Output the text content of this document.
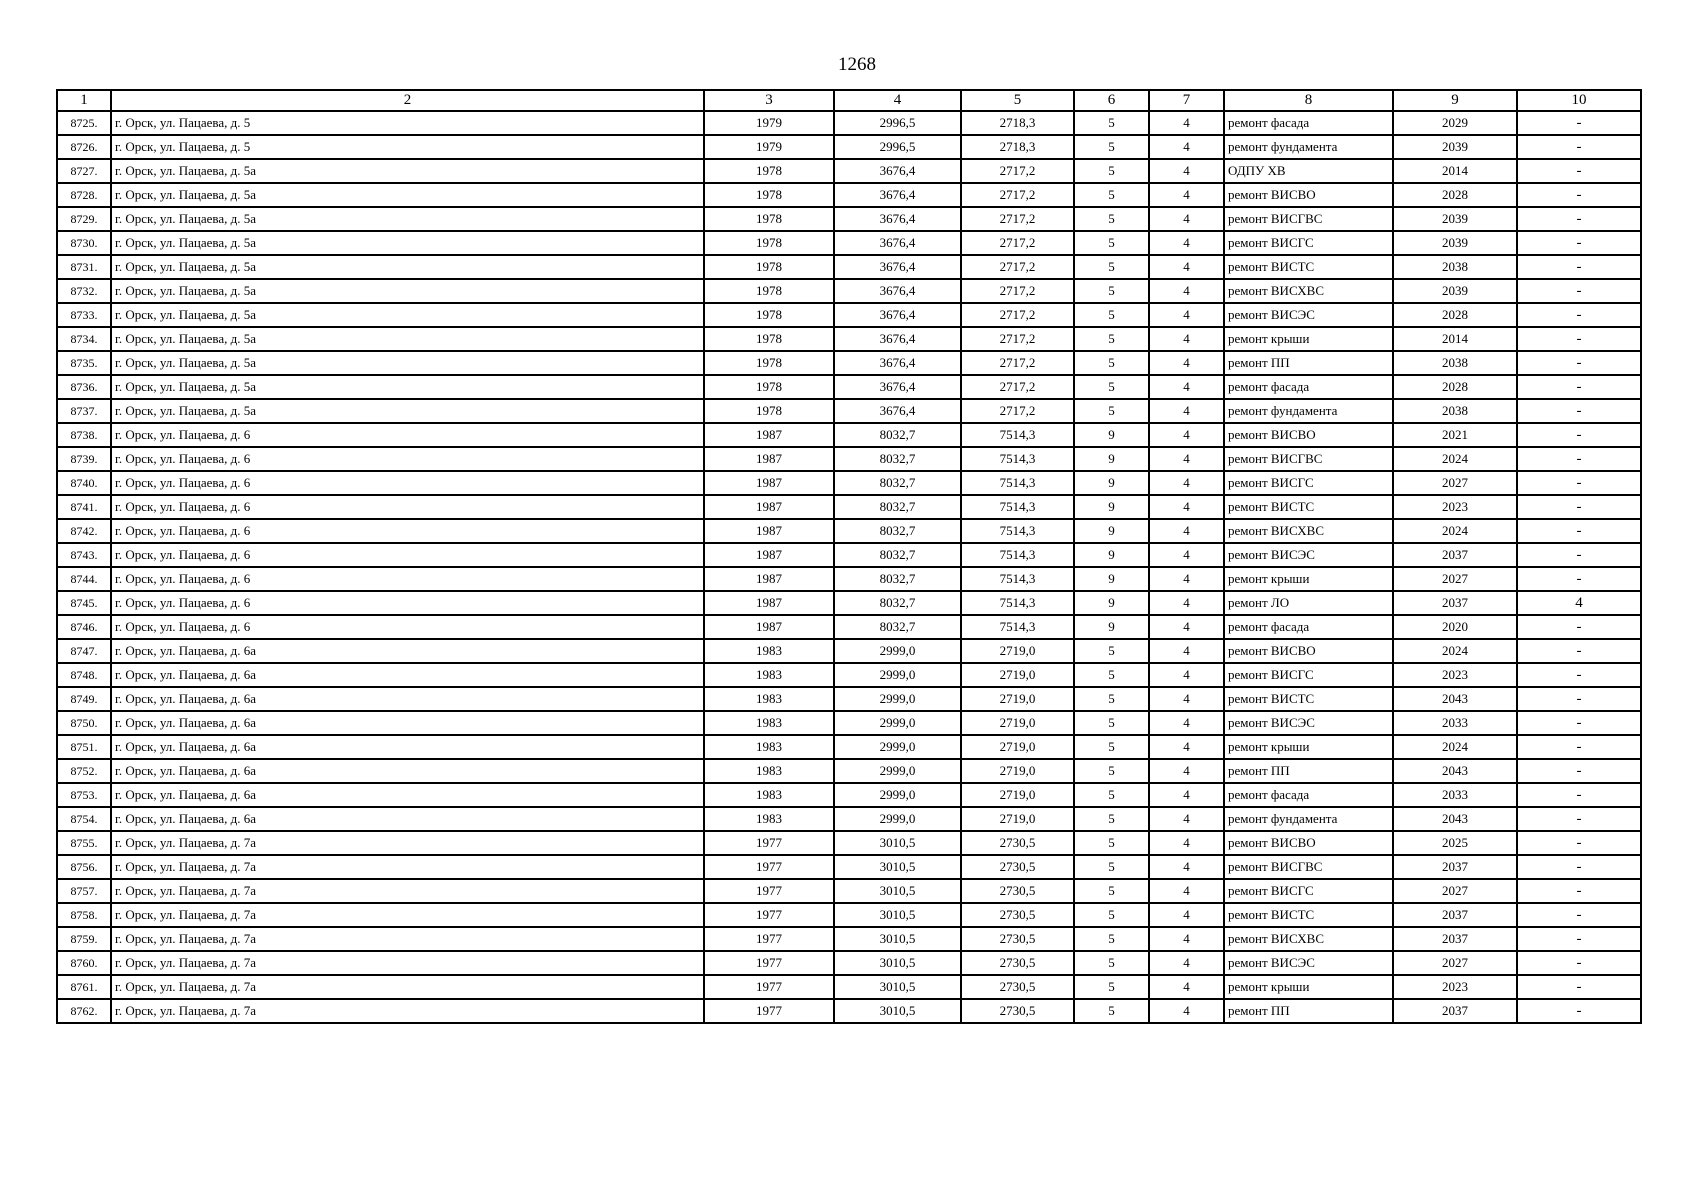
1268
1	2	3	4	5	6	7	8	9	10
8725.	г. Орск, ул. Пацаева, д. 5	1979	2996,5	2718,3	5	4	ремонт фасада	2029	-
8726.	г. Орск, ул. Пацаева, д. 5	1979	2996,5	2718,3	5	4	ремонт фундамента	2039	-
8727.	г. Орск, ул. Пацаева, д. 5а	1978	3676,4	2717,2	5	4	ОДПУ ХВ	2014	-
8728.	г. Орск, ул. Пацаева, д. 5а	1978	3676,4	2717,2	5	4	ремонт ВИСВО	2028	-
8729.	г. Орск, ул. Пацаева, д. 5а	1978	3676,4	2717,2	5	4	ремонт ВИСГВС	2039	-
8730.	г. Орск, ул. Пацаева, д. 5а	1978	3676,4	2717,2	5	4	ремонт ВИСГС	2039	-
8731.	г. Орск, ул. Пацаева, д. 5а	1978	3676,4	2717,2	5	4	ремонт ВИСТС	2038	-
8732.	г. Орск, ул. Пацаева, д. 5а	1978	3676,4	2717,2	5	4	ремонт ВИСХВС	2039	-
8733.	г. Орск, ул. Пацаева, д. 5а	1978	3676,4	2717,2	5	4	ремонт ВИСЭС	2028	-
8734.	г. Орск, ул. Пацаева, д. 5а	1978	3676,4	2717,2	5	4	ремонт крыши	2014	-
8735.	г. Орск, ул. Пацаева, д. 5а	1978	3676,4	2717,2	5	4	ремонт ПП	2038	-
8736.	г. Орск, ул. Пацаева, д. 5а	1978	3676,4	2717,2	5	4	ремонт фасада	2028	-
8737.	г. Орск, ул. Пацаева, д. 5а	1978	3676,4	2717,2	5	4	ремонт фундамента	2038	-
8738.	г. Орск, ул. Пацаева, д. 6	1987	8032,7	7514,3	9	4	ремонт ВИСВО	2021	-
8739.	г. Орск, ул. Пацаева, д. 6	1987	8032,7	7514,3	9	4	ремонт ВИСГВС	2024	-
8740.	г. Орск, ул. Пацаева, д. 6	1987	8032,7	7514,3	9	4	ремонт ВИСГС	2027	-
8741.	г. Орск, ул. Пацаева, д. 6	1987	8032,7	7514,3	9	4	ремонт ВИСТС	2023	-
8742.	г. Орск, ул. Пацаева, д. 6	1987	8032,7	7514,3	9	4	ремонт ВИСХВС	2024	-
8743.	г. Орск, ул. Пацаева, д. 6	1987	8032,7	7514,3	9	4	ремонт ВИСЭС	2037	-
8744.	г. Орск, ул. Пацаева, д. 6	1987	8032,7	7514,3	9	4	ремонт крыши	2027	-
8745.	г. Орск, ул. Пацаева, д. 6	1987	8032,7	7514,3	9	4	ремонт ЛО	2037	4
8746.	г. Орск, ул. Пацаева, д. 6	1987	8032,7	7514,3	9	4	ремонт фасада	2020	-
8747.	г. Орск, ул. Пацаева, д. 6а	1983	2999,0	2719,0	5	4	ремонт ВИСВО	2024	-
8748.	г. Орск, ул. Пацаева, д. 6а	1983	2999,0	2719,0	5	4	ремонт ВИСГС	2023	-
8749.	г. Орск, ул. Пацаева, д. 6а	1983	2999,0	2719,0	5	4	ремонт ВИСТС	2043	-
8750.	г. Орск, ул. Пацаева, д. 6а	1983	2999,0	2719,0	5	4	ремонт ВИСЭС	2033	-
8751.	г. Орск, ул. Пацаева, д. 6а	1983	2999,0	2719,0	5	4	ремонт крыши	2024	-
8752.	г. Орск, ул. Пацаева, д. 6а	1983	2999,0	2719,0	5	4	ремонт ПП	2043	-
8753.	г. Орск, ул. Пацаева, д. 6а	1983	2999,0	2719,0	5	4	ремонт фасада	2033	-
8754.	г. Орск, ул. Пацаева, д. 6а	1983	2999,0	2719,0	5	4	ремонт фундамента	2043	-
8755.	г. Орск, ул. Пацаева, д. 7а	1977	3010,5	2730,5	5	4	ремонт ВИСВО	2025	-
8756.	г. Орск, ул. Пацаева, д. 7а	1977	3010,5	2730,5	5	4	ремонт ВИСГВС	2037	-
8757.	г. Орск, ул. Пацаева, д. 7а	1977	3010,5	2730,5	5	4	ремонт ВИСГС	2027	-
8758.	г. Орск, ул. Пацаева, д. 7а	1977	3010,5	2730,5	5	4	ремонт ВИСТС	2037	-
8759.	г. Орск, ул. Пацаева, д. 7а	1977	3010,5	2730,5	5	4	ремонт ВИСХВС	2037	-
8760.	г. Орск, ул. Пацаева, д. 7а	1977	3010,5	2730,5	5	4	ремонт ВИСЭС	2027	-
8761.	г. Орск, ул. Пацаева, д. 7а	1977	3010,5	2730,5	5	4	ремонт крыши	2023	-
8762.	г. Орск, ул. Пацаева, д. 7а	1977	3010,5	2730,5	5	4	ремонт ПП	2037	-
